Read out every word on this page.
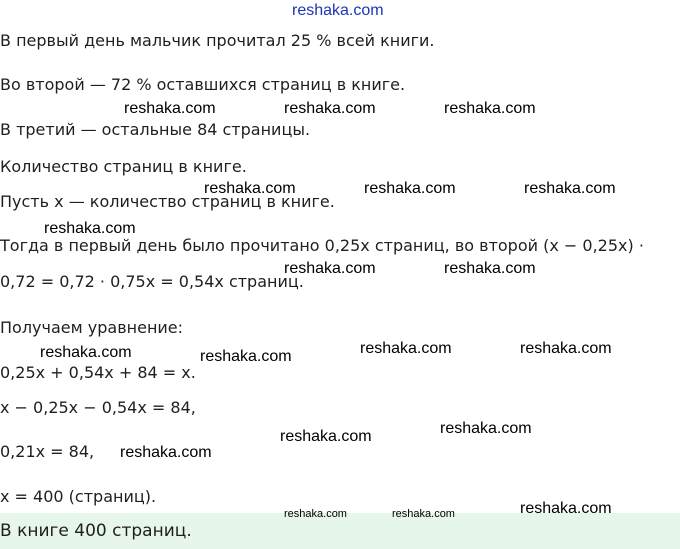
reshaka.com
В первый день мальчик прочитал 25 % всей книги.
Во второй — 72 % оставшихся страниц в книге.
В третий — остальные 84 страницы.
Количество страниц в книге.
Пусть x — количество страниц в книге.
Тогда в первый день было прочитано 0,25x страниц, во второй (x − 0,25x) ·
0,72 = 0,72 · 0,75x = 0,54x страниц.
Получаем уравнение:
0,25x + 0,54x + 84 = x.
x − 0,25x − 0,54x = 84,
0,21x = 84,
x = 400 (страниц).
В книге 400 страниц.
reshaka.com	reshaka.com	reshaka.com
reshaka.com	reshaka.com	reshaka.com
reshaka.com
reshaka.com	reshaka.com
reshaka.com	reshaka.com	reshaka.com	reshaka.com
reshaka.com	reshaka.com
reshaka.com
reshaka.com	reshaka.com	reshaka.com
